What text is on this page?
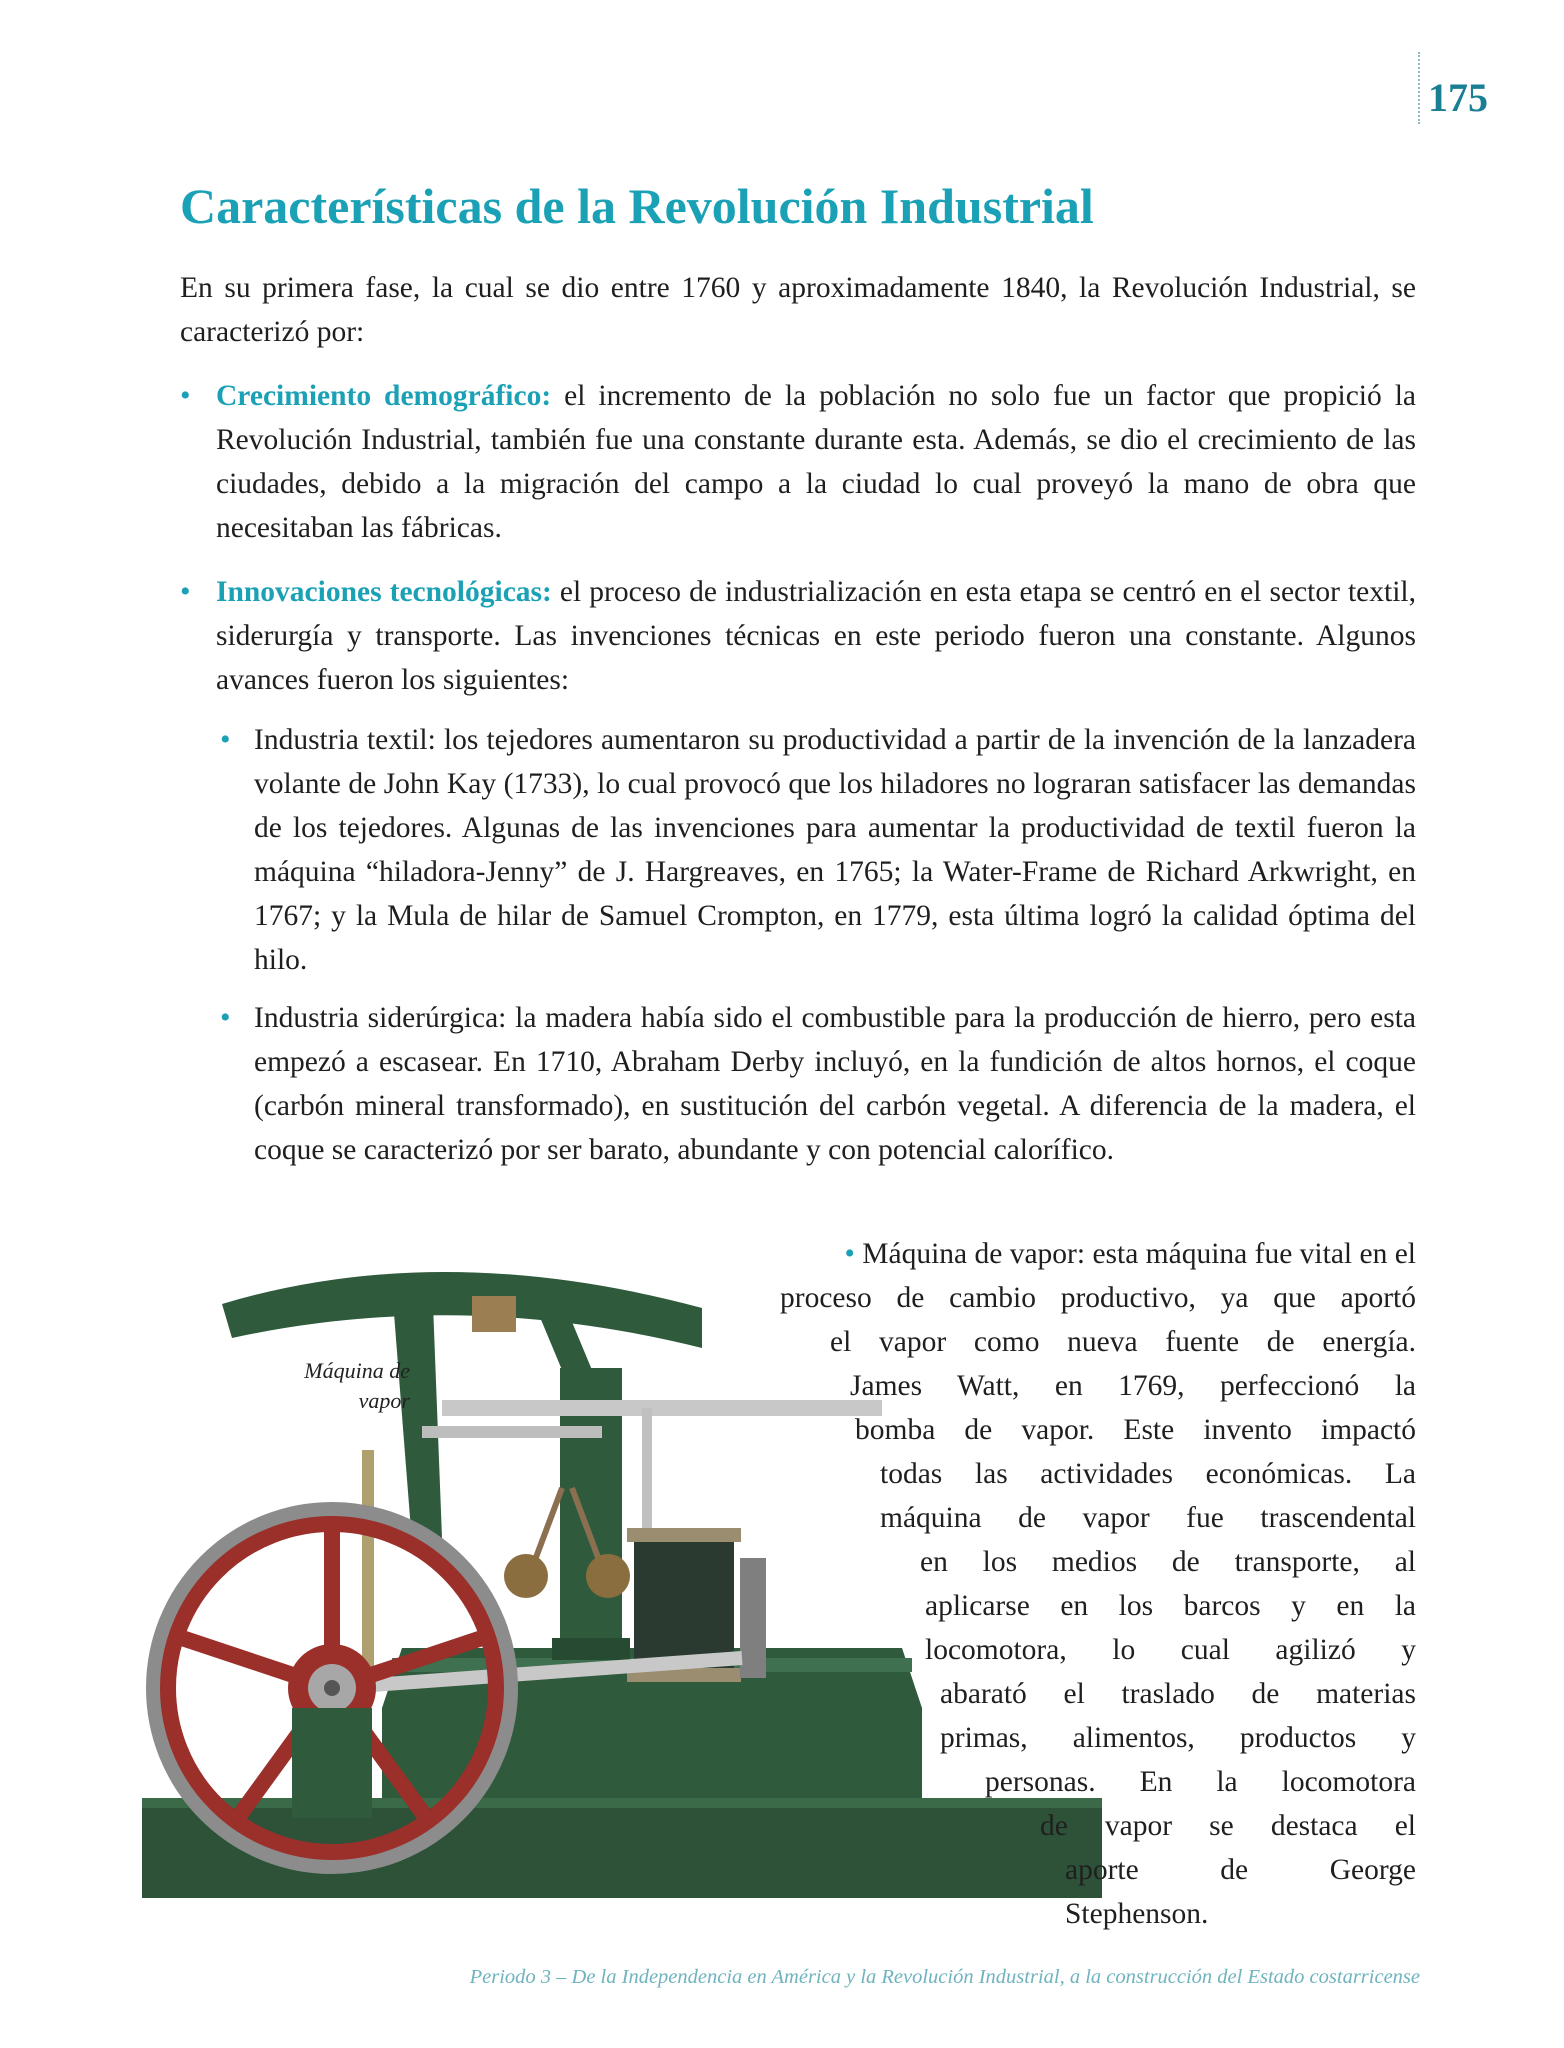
175
Características de la Revolución Industrial

En su primera fase, la cual se dio entre 1760 y aproximadamente 1840, la Revolución Industrial, se caracterizó por:

• Crecimiento demográfico: el incremento de la población no solo fue un factor que propició la Revolución Industrial, también fue una constante durante esta. Además, se dio el crecimiento de las ciudades, debido a la migración del campo a la ciudad lo cual proveyó la mano de obra que necesitaban las fábricas.

• Innovaciones tecnológicas: el proceso de industrialización en esta etapa se centró en el sector textil, siderurgía y transporte. Las invenciones técnicas en este periodo fueron una constante. Algunos avances fueron los siguientes:

• Industria textil: los tejedores aumentaron su productividad a partir de la invención de la lanzadera volante de John Kay (1733), lo cual provocó que los hiladores no lograran satisfacer las demandas de los tejedores. Algunas de las invenciones para aumentar la productividad de textil fueron la máquina “hiladora-Jenny” de J. Hargreaves, en 1765; la Water-Frame de Richard Arkwright, en 1767; y la Mula de hilar de Samuel Crompton, en 1779, esta última logró la calidad óptima del hilo.

• Industria siderúrgica: la madera había sido el combustible para la producción de hierro, pero esta empezó a escasear. En 1710, Abraham Derby incluyó, en la fundición de altos hornos, el coque (carbón mineral transformado), en sustitución del carbón vegetal. A diferencia de la madera, el coque se caracterizó por ser barato, abundante y con potencial calorífico.

Máquina de vapor
• Máquina de vapor: esta máquina fue vital en el
proceso de cambio productivo, ya que aportó
el vapor como nueva fuente de energía.
James Watt, en 1769, perfeccionó la
bomba de vapor. Este invento impactó
todas las actividades económicas. La
máquina de vapor fue trascendental
en los medios de transporte, al
aplicarse en los barcos y en la
locomotora, lo cual agilizó y
abarató el traslado de materias
primas, alimentos, productos y
personas. En la locomotora
de vapor se destaca el
aporte de George
Stephenson.
Periodo 3 – De la Independencia en América y la Revolución Industrial, a la construcción del Estado costarricense
